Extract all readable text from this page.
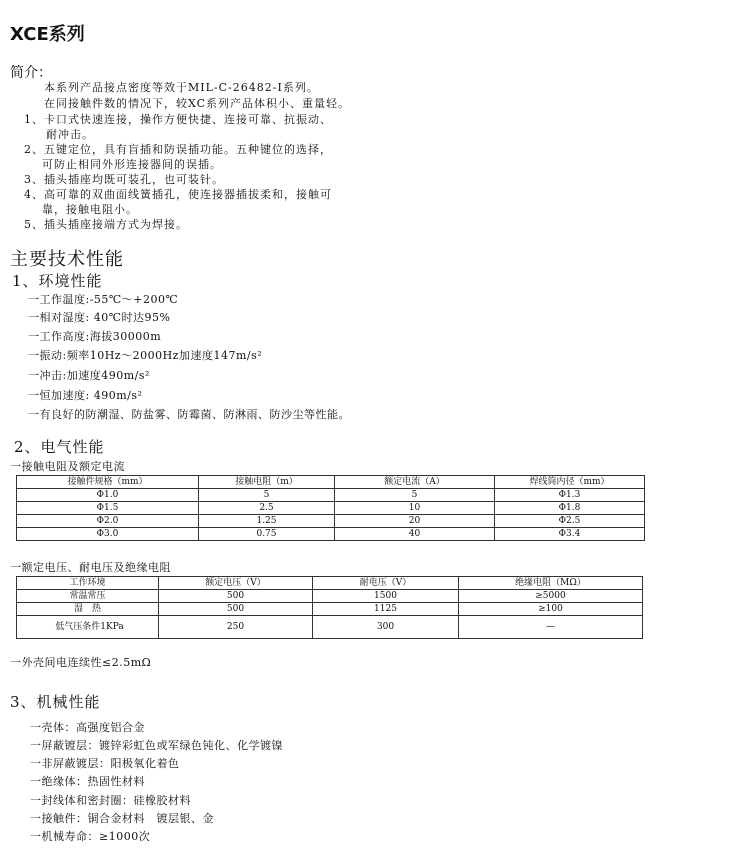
XCE系列
简介：
本系列产品接点密度等效于MIL-C-26482-Ⅰ系列。
在同接触件数的情况下，较XC系列产品体积小、重量轻。
1、卡口式快速连接，操作方便快捷、连接可靠、抗振动、
耐冲击。
2、五键定位，具有盲插和防误插功能。五种键位的选择，
可防止相同外形连接器间的误插。
3、插头插座均既可装孔，也可装针。
4、高可靠的双曲面线簧插孔，使连接器插拔柔和，接触可
靠，接触电阻小。
5、插头插座接端方式为焊接。
主要技术性能
1、环境性能
一工作温度:-55℃～+200℃
一相对湿度: 40℃时达95%
一工作高度:海拔30000m
一振动:频率10Hz～2000Hz加速度147m/s²
一冲击:加速度490m/s²
一恒加速度: 490m/s²
一有良好的防潮湿、防盐雾、防霉菌、防淋雨、防沙尘等性能。
2、电气性能
一接触电阻及额定电流
接触件规格（mm）	接触电阻（m）	额定电流（A）	焊线筒内径（mm）
Φ1.0	5	5	Φ1.3
Φ1.5	2.5	10	Φ1.8
Φ2.0	1.25	20	Φ2.5
Φ3.0	0.75	40	Φ3.4
一额定电压、耐电压及绝缘电阻
工作环境	额定电压（V）	耐电压（V）	绝缘电阻（MΩ）
常温常压	500	1500	≥5000
湿　热	500	1125	≥100
低气压条件1KPa	250	300	—
一外壳间电连续性≤2.5mΩ
3、机械性能
一壳体：高强度铝合金
一屏蔽镀层：镀锌彩虹色或军绿色钝化、化学镀镍
一非屏蔽镀层：阳极氧化着色
一绝缘体：热固性材料
一封线体和密封圈：硅橡胶材料
一接触件：铜合金材料　镀层银、金
一机械寿命：≥1000次
